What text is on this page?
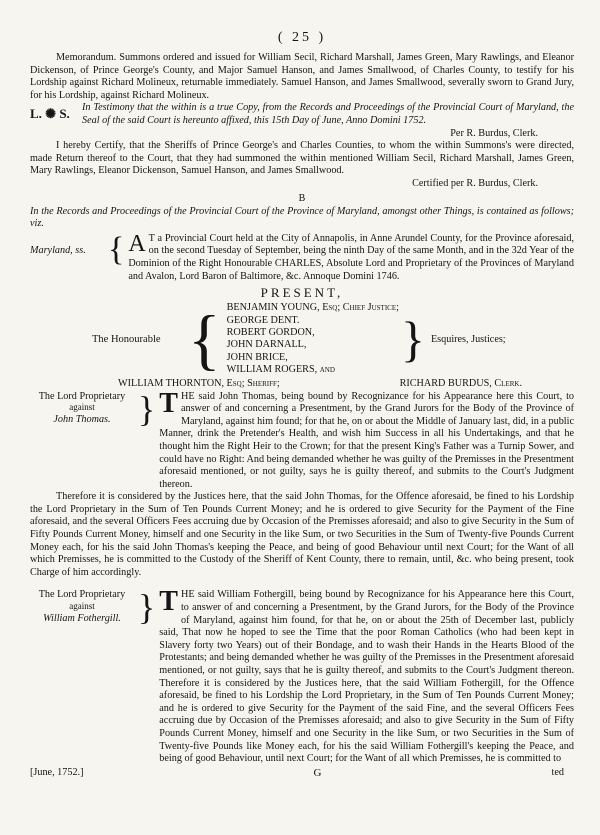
( 25 )

Memorandum. Summons ordered and issued for William Secil, Richard Marshall, James Green, Mary Rawlings, and Eleanor Dickenson, of Prince George's County, and Major Samuel Hanson, and James Smallwood, of Charles County, to testify for his Lordship against Richard Molineux, returnable immediately. Samuel Hanson, and James Smallwood, severally sworn to Grand Jury, for his Lordship, against Richard Molineux.

L. ✺ S.	In Testimony that the within is a true Copy, from the Records and Proceedings of the Provincial Court of Maryland, the Seal of the said Court is hereunto affixed, this 15th Day of June, Anno Domini 1752.

Per R. Burdus, Clerk.

I hereby Certify, that the Sheriffs of Prince George's and Charles Counties, to whom the within Summons's were directed, made Return thereof to the Court, that they had summoned the within mentioned William Secil, Richard Marshall, James Green, Mary Rawlings, Eleanor Dickenson, Samuel Hanson, and James Smallwood.

Certified per R. Burdus, Clerk.

B

In the Records and Proceedings of the Provincial Court of the Province of Maryland, amongst other Things, is contained as follows; viz.

Maryland, ss. { A T a Provincial Court held at the City of Annapolis, in Anne Arundel County, for the Province aforesaid, on the second Tuesday of September, being the ninth Day of the same Month, and in the 32d Year of the Dominion of the Right Honourable CHARLES, Absolute Lord and Proprietary of the Provinces of Maryland and Avalon, Lord Baron of Baltimore, &c. Annoque Domini 1746.
PRESENT,
The Honourable { BENJAMIN YOUNG, Esq; Chief Justice;
GEORGE DENT.
ROBERT GORDON,
JOHN DARNALL,
JOHN BRICE,
WILLIAM ROGERS, and
} Esquires, Justices;
WILLIAM THORNTON, Esq; Sheriff;	RICHARD BURDUS, Clerk.
The Lord Proprietary
against
John Thomas. } T HE said John Thomas, being bound by Recognizance for his Appearance here this Court, to answer of and concerning a Presentment, by the Grand Jurors for the Body of the Province of Maryland, against him found; for that he, on or about the Middle of January last, did, in a public Manner, drink the Pretender's Health, and wish him Success in all his Undertakings, and that he thought him the Right Heir to the Crown; for that the present King's Father was a Turnip Sower, and could have no Right: And being demanded whether he was guilty of the Premisses in the Presentment aforesaid mentioned, or not guilty, says he is guilty thereof, and submits to the Court's Judgment thereon.

Therefore it is considered by the Justices here, that the said John Thomas, for the Offence aforesaid, be fined to his Lordship the Lord Proprietary in the Sum of Ten Pounds Current Money; and he is ordered to give Security for the Payment of the Fine aforesaid, and the several Officers Fees accruing due by Occasion of the Premisses aforesaid; and also to give Security in the Sum of Fifty Pounds Current Money, himself and one Security in the like Sum, or two Securities in the Sum of Twenty-five Pounds Current Money each, for his the said John Thomas's keeping the Peace, and being of good Behaviour until next Court; for the Want of all which Premisses, he is committed to the Custody of the Sheriff of Kent County, there to remain, until, &c. who being present, took Charge of him accordingly.

The Lord Proprietary
against
William Fothergill. } T HE said William Fothergill, being bound by Recognizance for his Appearance here this Court, to answer of and concerning a Presentment, by the Grand Jurors, for the Body of the Province of Maryland, against him found, for that he, on or about the 25th of December last, publicly said, That now he hoped to see the Time that the poor Roman Catholics (who had been kept in Slavery forty two Years) out of their Bondage, and to wash their Hands in the Hearts Blood of the Protestants; and being demanded whether he was guilty of the Premisses in the Presentment aforesaid mentioned, or not guilty, says that he is guilty thereof, and submits to the Court's Judgment thereon. Therefore it is considered by the Justices here, that the said William Fothergill, for the Offence aforesaid, be fined to his Lordship the Lord Proprietary, in the Sum of Ten Pounds Current Money; and he is ordered to give Security for the Payment of the said Fine, and the several Officers Fees accruing due by Occasion of the Premisses aforesaid; and also to give Security in the Sum of Fifty Pounds Current Money, himself and one Security in the like Sum, or two Securities in the Sum of Twenty-five Pounds like Money each, for his the said William Fothergill's keeping the Peace, and being of good Behaviour, until next Court; for the Want of all which Premisses, he is committed to
[June, 1752.]	G	ted
